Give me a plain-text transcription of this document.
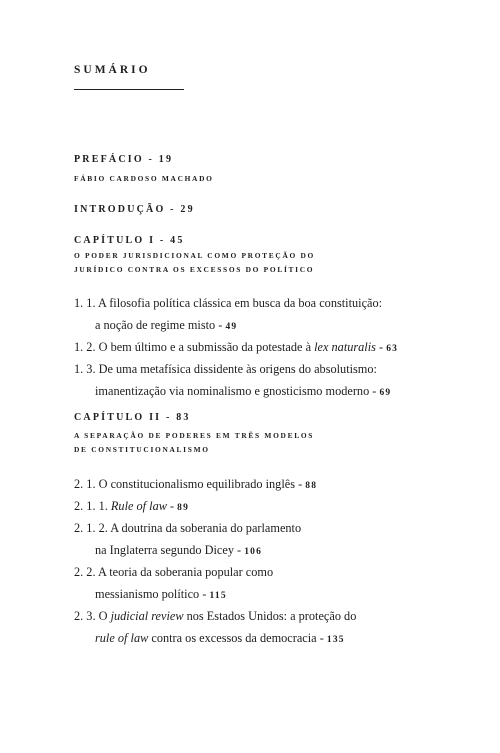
SUMÁRIO
PREFÁCIO - 19
FÁBIO CARDOSO MACHADO
INTRODUÇÃO - 29
CAPÍTULO I - 45
O PODER JURISDICIONAL COMO PROTEÇÃO DO
JURÍDICO CONTRA OS EXCESSOS DO POLÍTICO
1. 1. A filosofia política clássica em busca da boa constituição:
a noção de regime misto - 49
1. 2. O bem último e a submissão da potestade à lex naturalis - 63
1. 3. De uma metafísica dissidente às origens do absolutismo:
imanentização via nominalismo e gnosticismo moderno - 69
CAPÍTULO II - 83
A SEPARAÇÃO DE PODERES EM TRÊS MODELOS
DE CONSTITUCIONALISMO
2. 1. O constitucionalismo equilibrado inglês - 88
2. 1. 1. Rule of law - 89
2. 1. 2. A doutrina da soberania do parlamento
na Inglaterra segundo Dicey - 106
2. 2. A teoria da soberania popular como
messianismo político - 115
2. 3. O judicial review nos Estados Unidos: a proteção do
rule of law contra os excessos da democracia - 135
